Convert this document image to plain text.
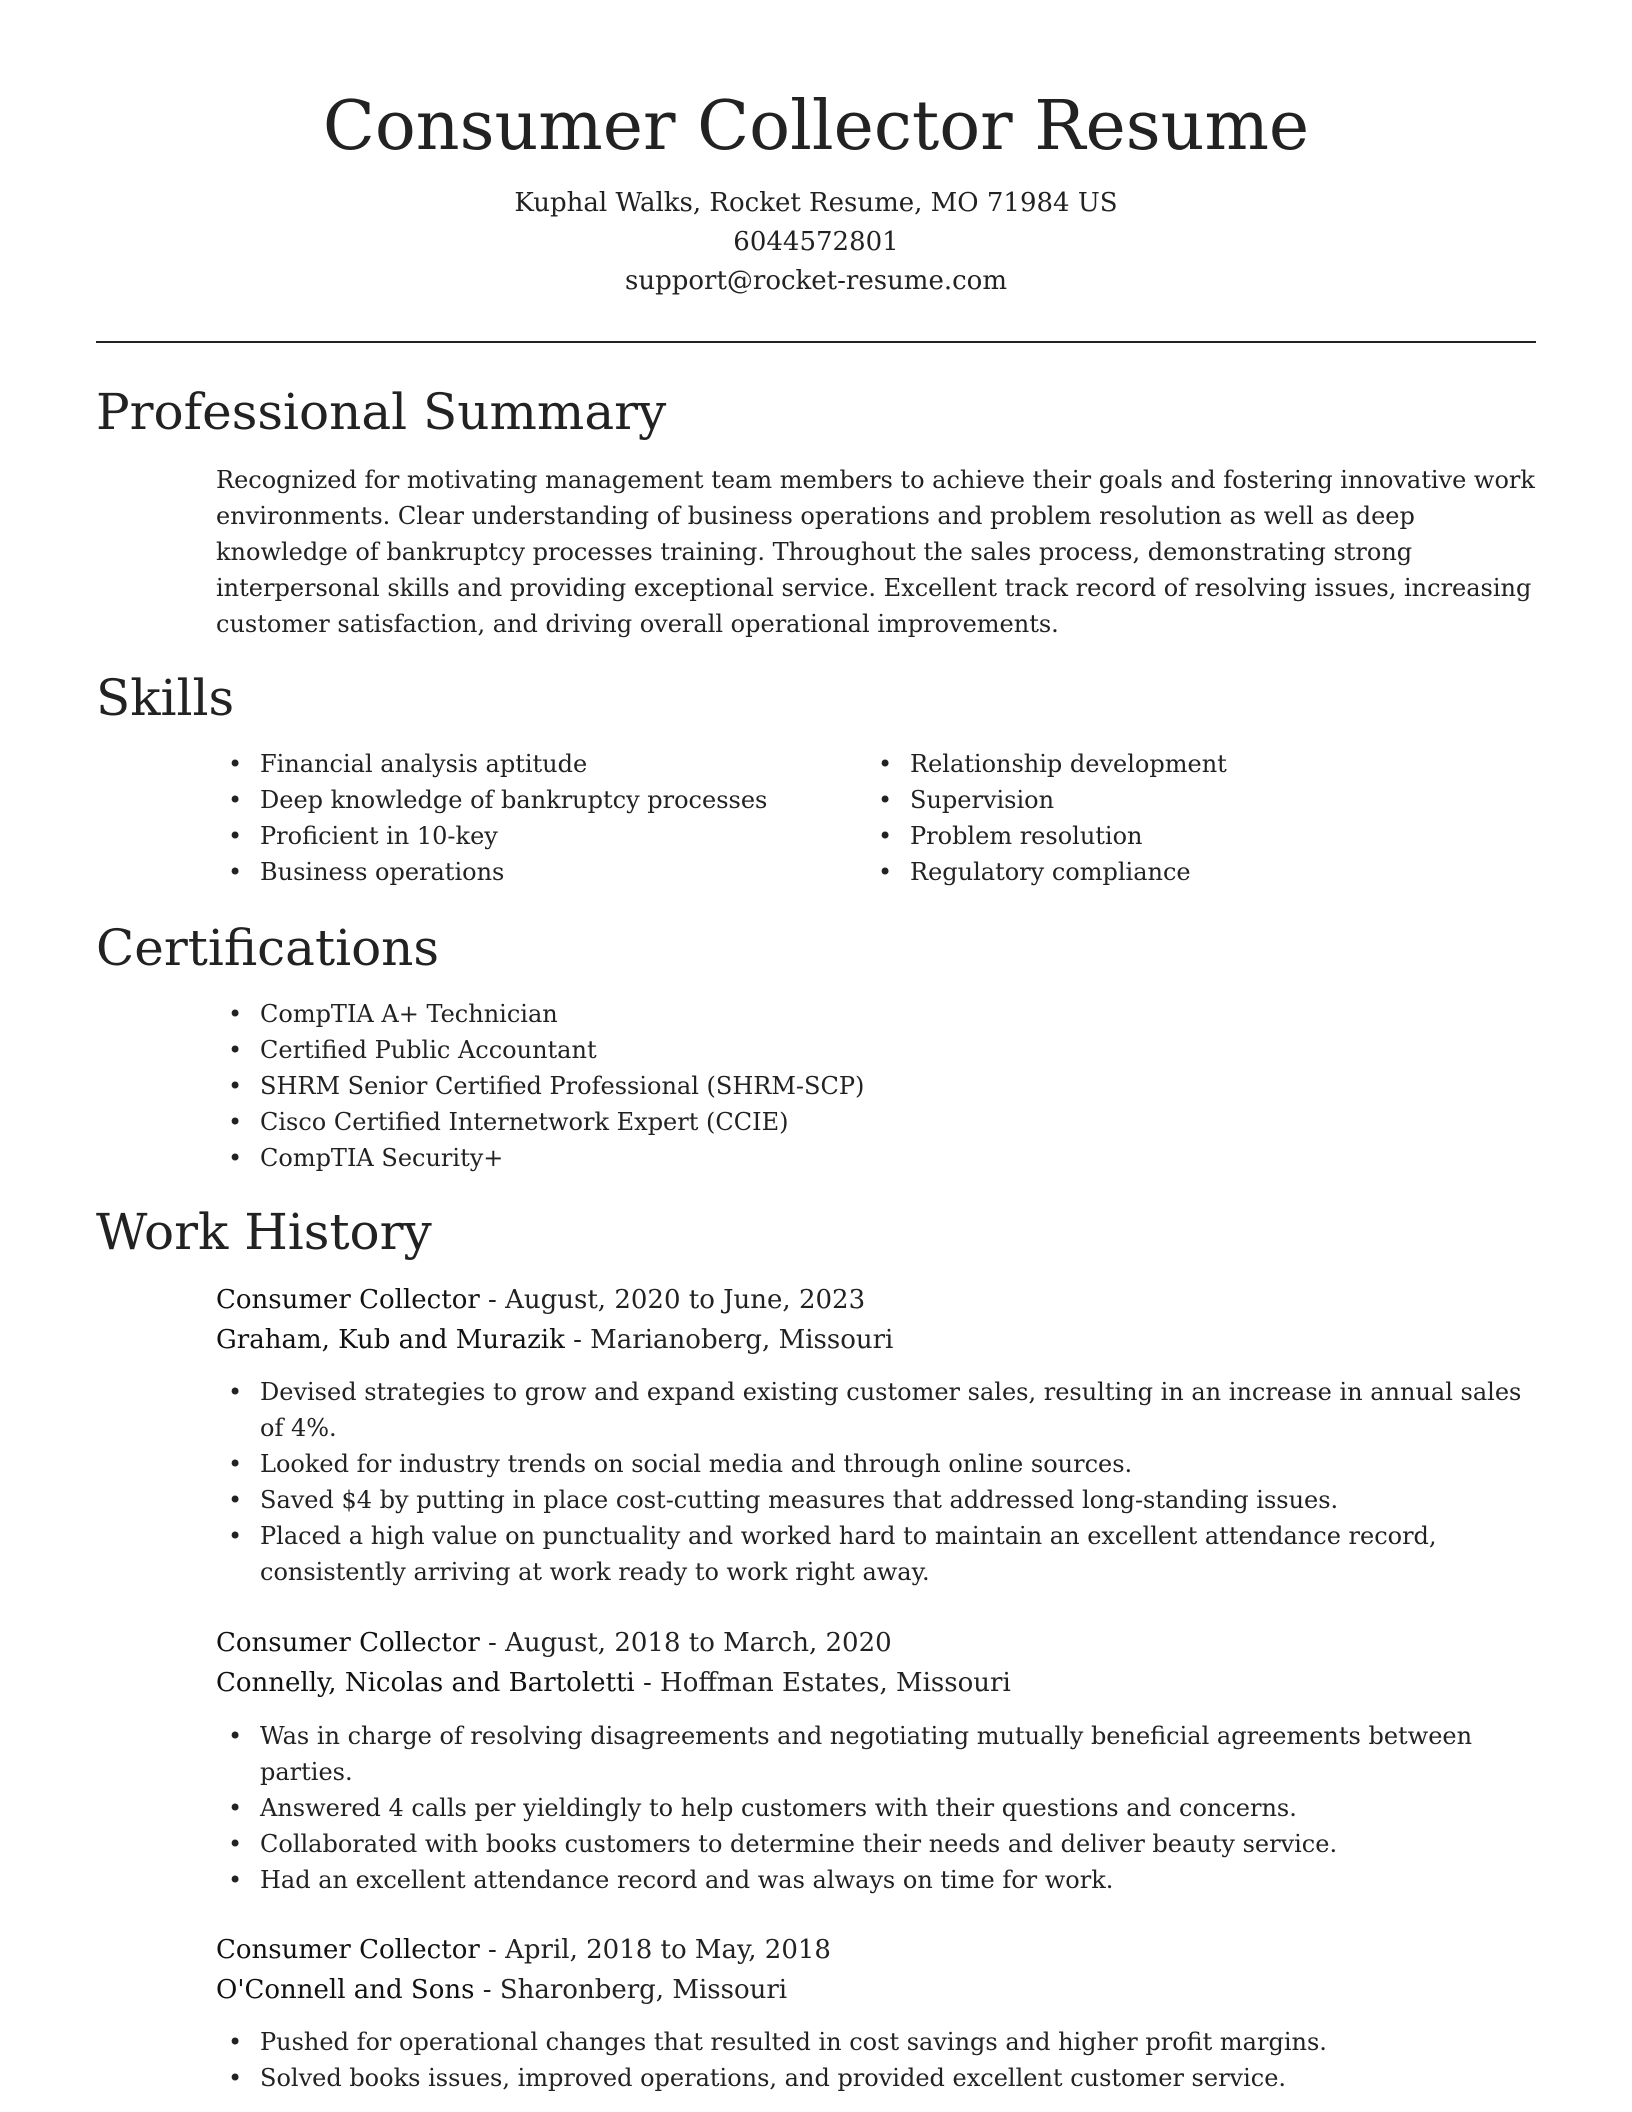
Consumer Collector Resume
Kuphal Walks, Rocket Resume, MO 71984 US
6044572801
support@rocket-resume.com
Professional Summary

Recognized for motivating management team members to achieve their goals and fostering innovative work environments. Clear understanding of business operations and problem resolution as well as deep knowledge of bankruptcy processes training. Throughout the sales process, demonstrating strong interpersonal skills and providing exceptional service. Excellent track record of resolving issues, increasing customer satisfaction, and driving overall operational improvements.

Skills
• Financial analysis aptitude
• Deep knowledge of bankruptcy processes
• Proficient in 10-key
• Business operations
• Relationship development
• Supervision
• Problem resolution
• Regulatory compliance
Certifications
• CompTIA A+ Technician
• Certified Public Accountant
• SHRM Senior Certified Professional (SHRM-SCP)
• Cisco Certified Internetwork Expert (CCIE)
• CompTIA Security+
Work History
Consumer Collector - August, 2020 to June, 2023
Graham, Kub and Murazik - Marianoberg, Missouri
• Devised strategies to grow and expand existing customer sales, resulting in an increase in annual sales of 4%.
• Looked for industry trends on social media and through online sources.
• Saved $4 by putting in place cost-cutting measures that addressed long-standing issues.
• Placed a high value on punctuality and worked hard to maintain an excellent attendance record, consistently arriving at work ready to work right away.
Consumer Collector - August, 2018 to March, 2020
Connelly, Nicolas and Bartoletti - Hoffman Estates, Missouri
• Was in charge of resolving disagreements and negotiating mutually beneficial agreements between parties.
• Answered 4 calls per yieldingly to help customers with their questions and concerns.
• Collaborated with books customers to determine their needs and deliver beauty service.
• Had an excellent attendance record and was always on time for work.
Consumer Collector - April, 2018 to May, 2018
O'Connell and Sons - Sharonberg, Missouri
• Pushed for operational changes that resulted in cost savings and higher profit margins.
• Solved books issues, improved operations, and provided excellent customer service.
